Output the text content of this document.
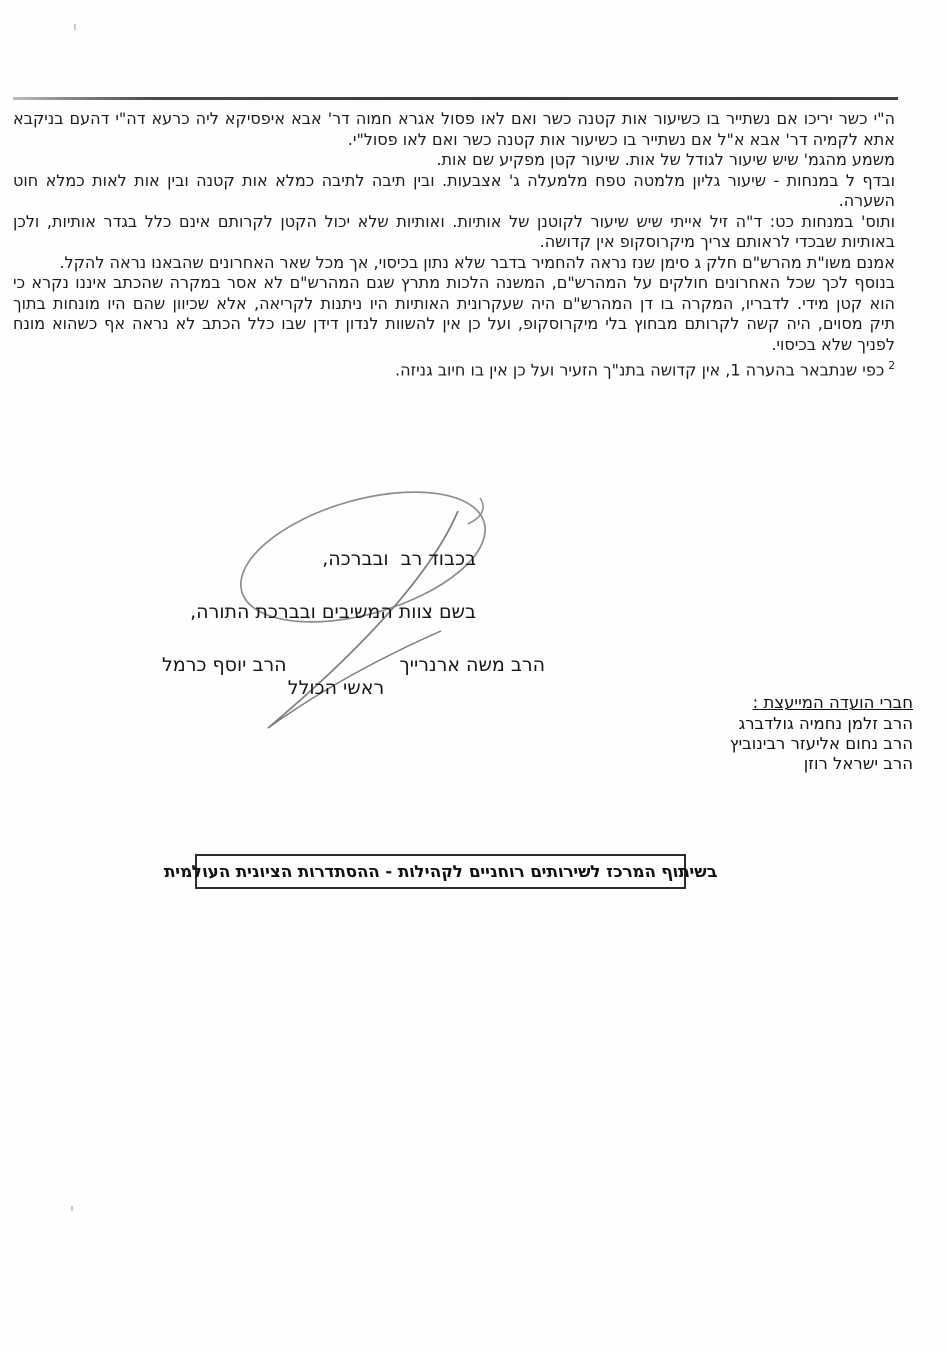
ה"י כשר יריכו אם נשתייר בו כשיעור אות קטנה כשר ואם לאו פסול אגרא חמוה דר' אבא איפסיקא ליה כרעא דה"י דהעם בניקבא
אתא לקמיה דר' אבא א"ל אם נשתייר בו כשיעור אות קטנה כשר ואם לאו פסול"י.
משמע מהגמ' שיש שיעור לגודל של אות. שיעור קטן מפקיע שם אות.
ובדף ל במנחות - שיעור גליון מלמטה טפח מלמעלה ג' אצבעות. ובין תיבה לתיבה כמלא אות קטנה ובין אות לאות כמלא חוט
השערה.
ותוס' במנחות כט: ד"ה זיל אייתי שיש שיעור לקוטנן של אותיות. ואותיות שלא יכול הקטן לקרותם אינם כלל בגדר אותיות, ולכן
באותיות שבכדי לראותם צריך מיקרוסקופ אין קדושה.
אמנם משו"ת מהרש"ם חלק ג סימן שנז נראה להחמיר בדבר שלא נתון בכיסוי, אך מכל שאר האחרונים שהבאנו נראה להקל.
בנוסף לכך שכל האחרונים חולקים על המהרש"ם, המשנה הלכות מתרץ שגם המהרש"ם לא אסר במקרה שהכתב איננו נקרא כי
הוא קטן מידי. לדבריו, המקרה בו דן המהרש"ם היה שעקרונית האותיות היו ניתנות לקריאה, אלא שכיוון שהם היו מונחות בתוך
תיק מסוים, היה קשה לקרותם מבחוץ בלי מיקרוסקופ, ועל כן אין להשוות לנדון דידן שבו כלל הכתב לא נראה אף כשהוא מונח
לפניך שלא בכיסוי.
$^2$כפי שנתבאר בהערה 1, אין קדושה בתנ"ך הזעיר ועל כן אין בו חיוב גניזה.
בכבוד רב  ובברכה,
בשם צוות המשיבים ובברכת התורה,
הרב משה ארנרייך
הרב יוסף כרמל
ראשי הכולל
חברי הועדה המייעצת :
הרב זלמן נחמיה גולדברג
הרב נחום אליעזר רבינוביץ
הרב ישראל רוזן
בשיתוף המרכז לשירותים רוחניים לקהילות - ההסתדרות הציונית העולמית
